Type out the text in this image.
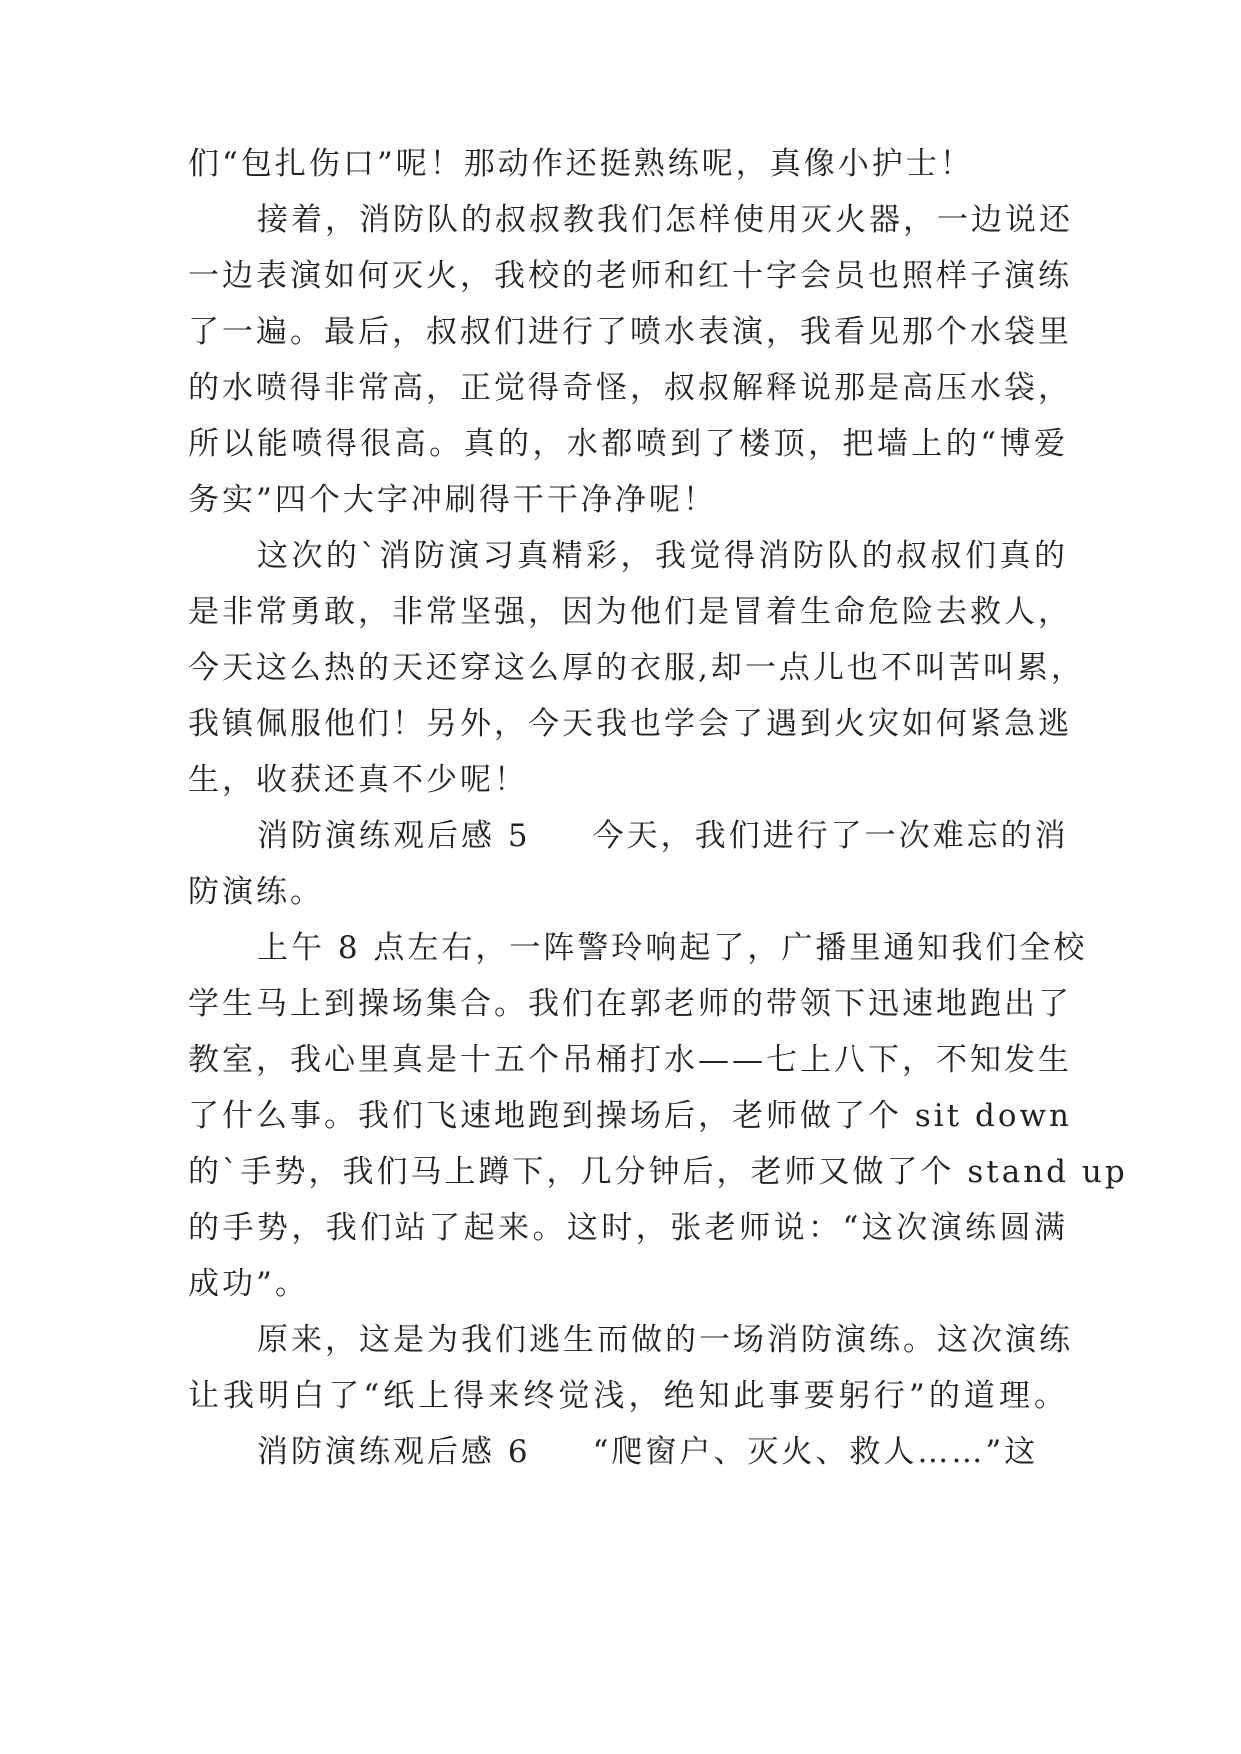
们“包扎伤口”呢！那动作还挺熟练呢，真像小护士！
接着，消防队的叔叔教我们怎样使用灭火器，一边说还
一边表演如何灭火，我校的老师和红十字会员也照样子演练
了一遍。最后，叔叔们进行了喷水表演，我看见那个水袋里
的水喷得非常高，正觉得奇怪，叔叔解释说那是高压水袋，
所以能喷得很高。真的，水都喷到了楼顶，把墙上的“博爱
务实”四个大字冲刷得干干净净呢！
这次的`消防演习真精彩，我觉得消防队的叔叔们真的
是非常勇敢，非常坚强，因为他们是冒着生命危险去救人，
今天这么热的天还穿这么厚的衣服,却一点儿也不叫苦叫累，
我镇佩服他们！另外，今天我也学会了遇到火灾如何紧急逃
生，收获还真不少呢！
消防演练观后感 5 今天，我们进行了一次难忘的消
防演练。
上午 8 点左右，一阵警玲响起了，广播里通知我们全校
学生马上到操场集合。我们在郭老师的带领下迅速地跑出了
教室，我心里真是十五个吊桶打水——七上八下，不知发生
了什么事。我们飞速地跑到操场后，老师做了个 sit down
的`手势，我们马上蹲下，几分钟后，老师又做了个 stand up
的手势，我们站了起来。这时，张老师说：“这次演练圆满
成功”。
原来，这是为我们逃生而做的一场消防演练。这次演练
让我明白了“纸上得来终觉浅，绝知此事要躬行”的道理。
消防演练观后感 6 “爬窗户、灭火、救人……”这
